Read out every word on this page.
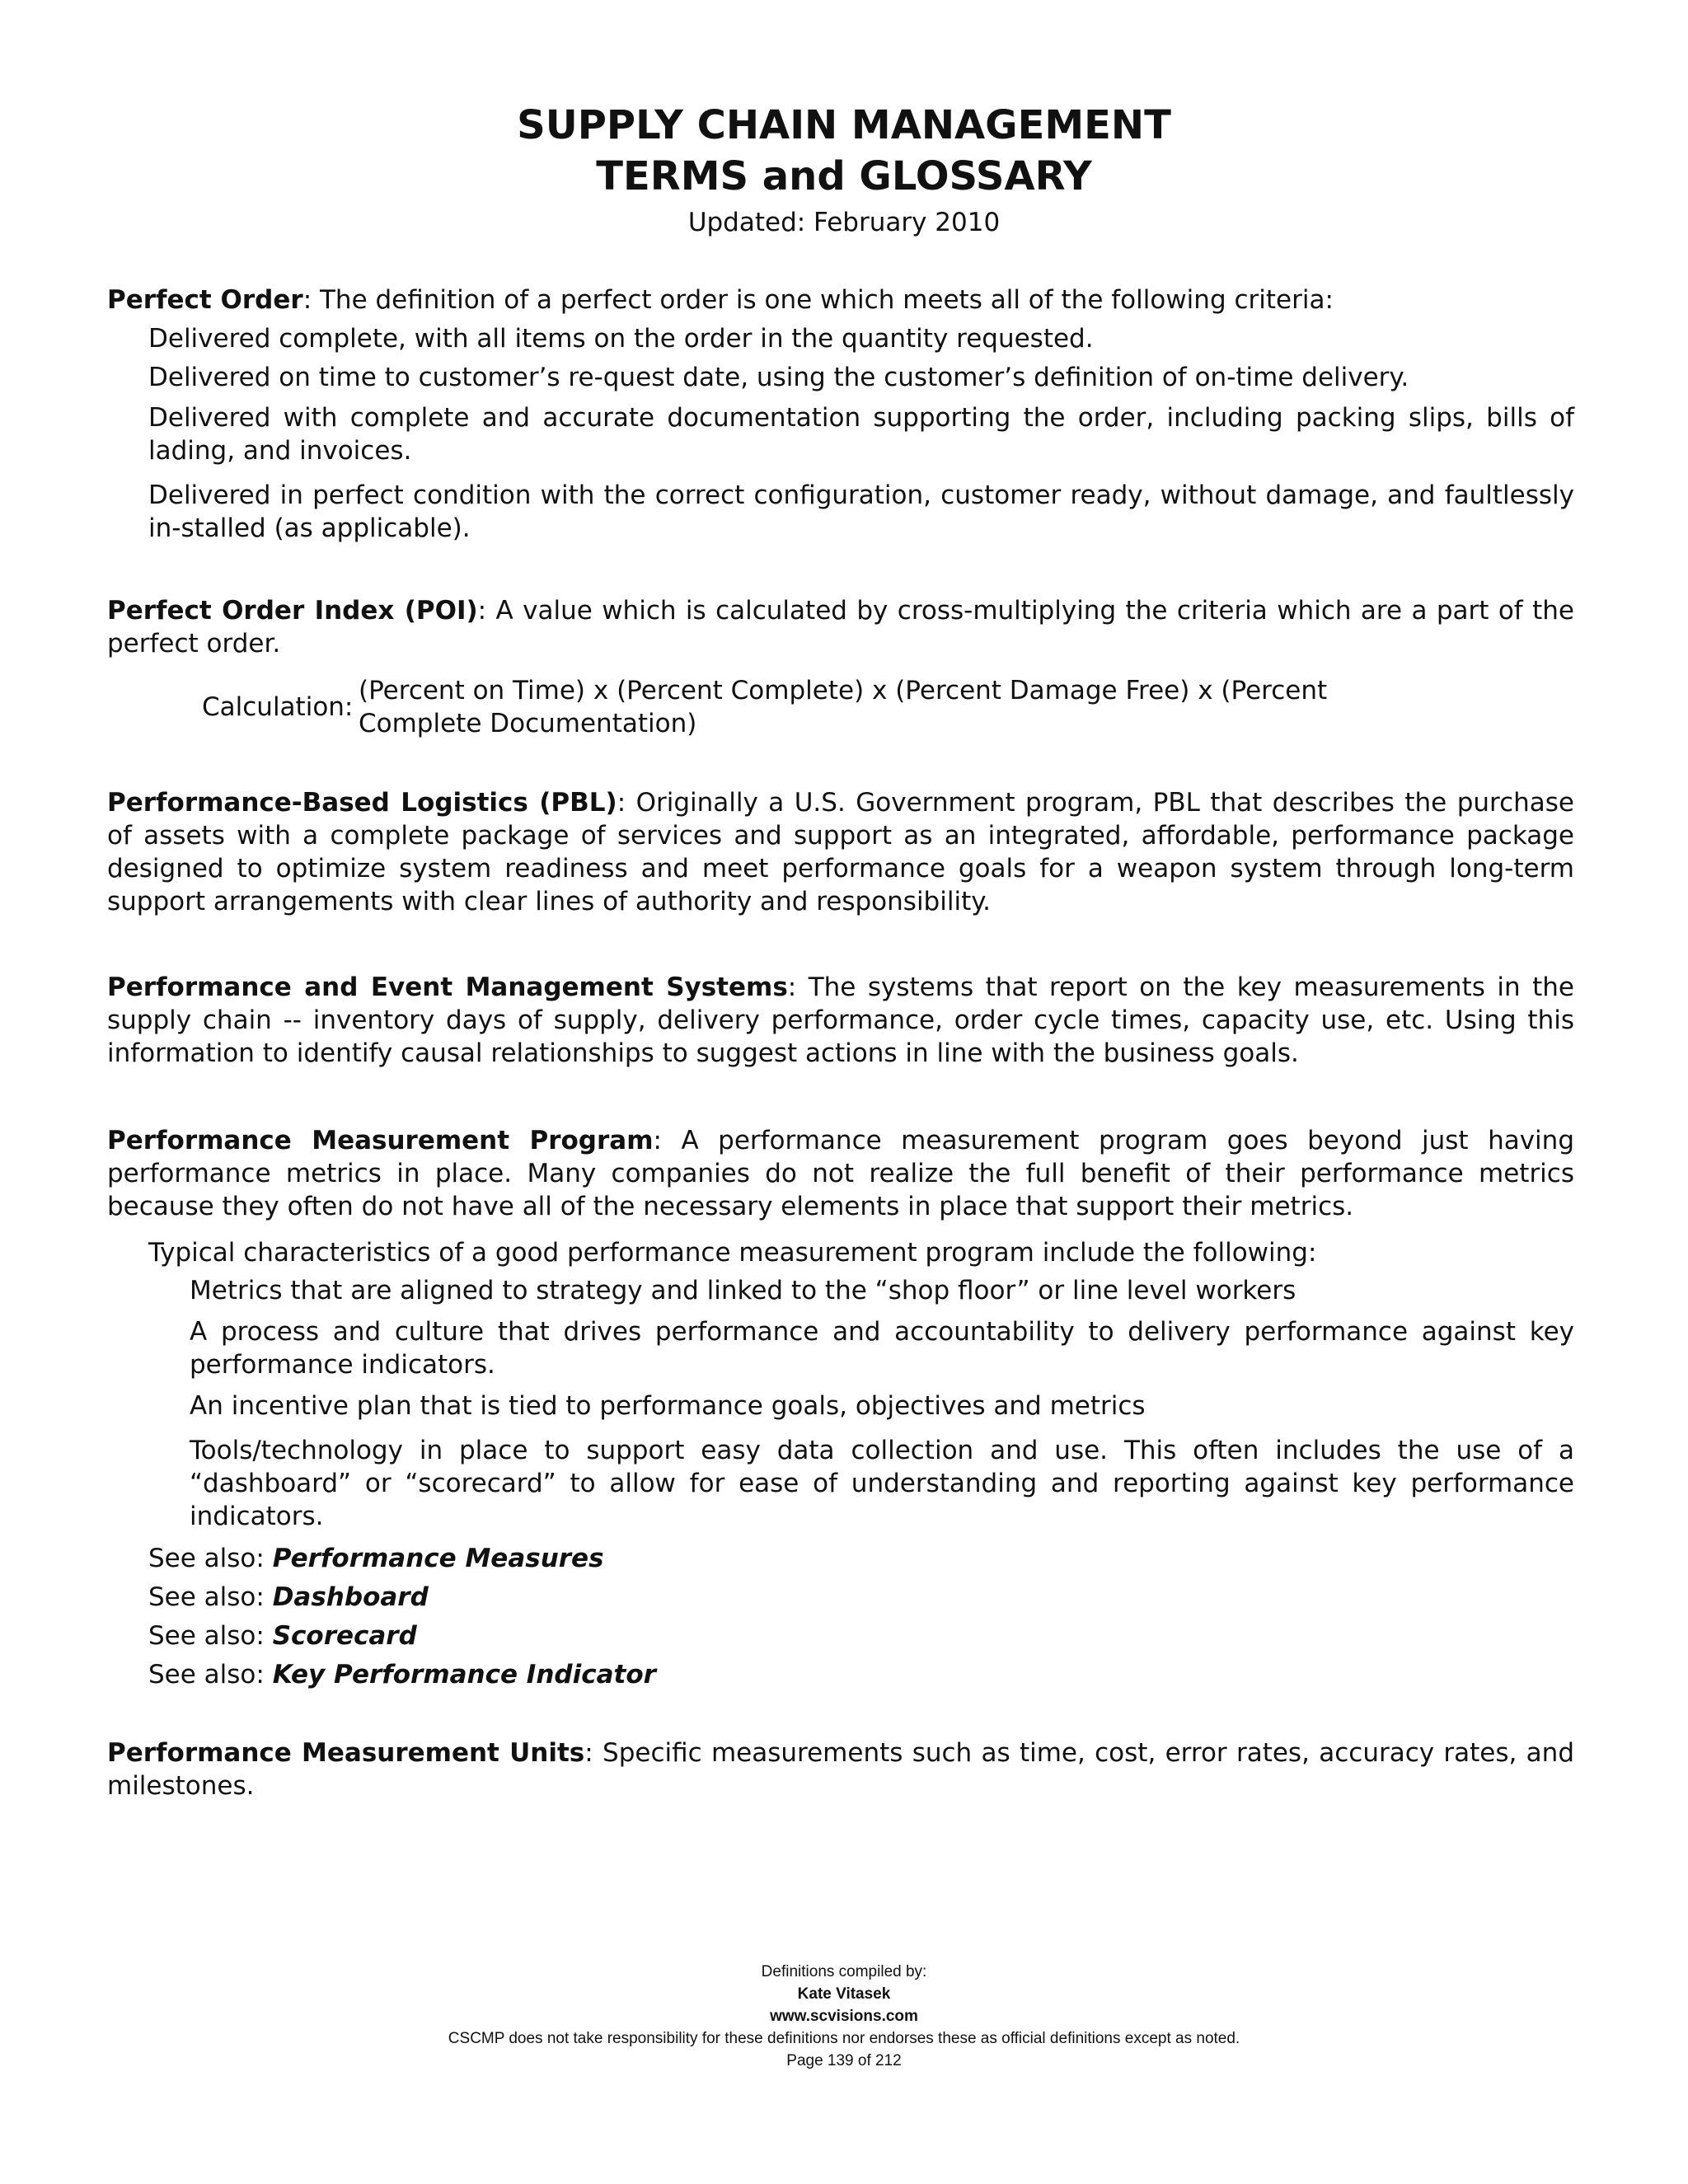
SUPPLY CHAIN MANAGEMENT
TERMS and GLOSSARY
Updated: February 2010
Perfect Order: The definition of a perfect order is one which meets all of the following criteria:
Delivered complete, with all items on the order in the quantity requested.
Delivered on time to customer’s re-quest date, using the customer’s definition of on-time delivery.
Delivered with complete and accurate documentation supporting the order, including packing slips, bills of lading, and invoices.
Delivered in perfect condition with the correct configuration, customer ready, without damage, and faultlessly in-stalled (as applicable).
Perfect Order Index (POI): A value which is calculated by cross-multiplying the criteria which are a part of the perfect order.
Calculation:
(Percent on Time) x (Percent Complete) x (Percent Damage Free) x (Percent Complete Documentation)
Performance-Based Logistics (PBL): Originally a U.S. Government program, PBL that describes the purchase of assets with a complete package of services and support as an integrated, affordable, performance package designed to optimize system readiness and meet performance goals for a weapon system through long-term support arrangements with clear lines of authority and responsibility.
Performance and Event Management Systems: The systems that report on the key measurements in the supply chain -- inventory days of supply, delivery performance, order cycle times, capacity use, etc. Using this information to identify causal relationships to suggest actions in line with the business goals.
Performance Measurement Program: A performance measurement program goes beyond just having performance metrics in place. Many companies do not realize the full benefit of their performance metrics because they often do not have all of the necessary elements in place that support their metrics.
Typical characteristics of a good performance measurement program include the following:
Metrics that are aligned to strategy and linked to the “shop floor” or line level workers
A process and culture that drives performance and accountability to delivery performance against key performance indicators.
An incentive plan that is tied to performance goals, objectives and metrics
Tools/technology in place to support easy data collection and use. This often includes the use of a “dashboard” or “scorecard” to allow for ease of understanding and reporting against key performance indicators.
See also: Performance Measures
See also: Dashboard
See also: Scorecard
See also: Key Performance Indicator
Performance Measurement Units: Specific measurements such as time, cost, error rates, accuracy rates, and milestones.
Definitions compiled by:
Kate Vitasek
www.scvisions.com
CSCMP does not take responsibility for these definitions nor endorses these as official definitions except as noted.
Page 139 of 212
